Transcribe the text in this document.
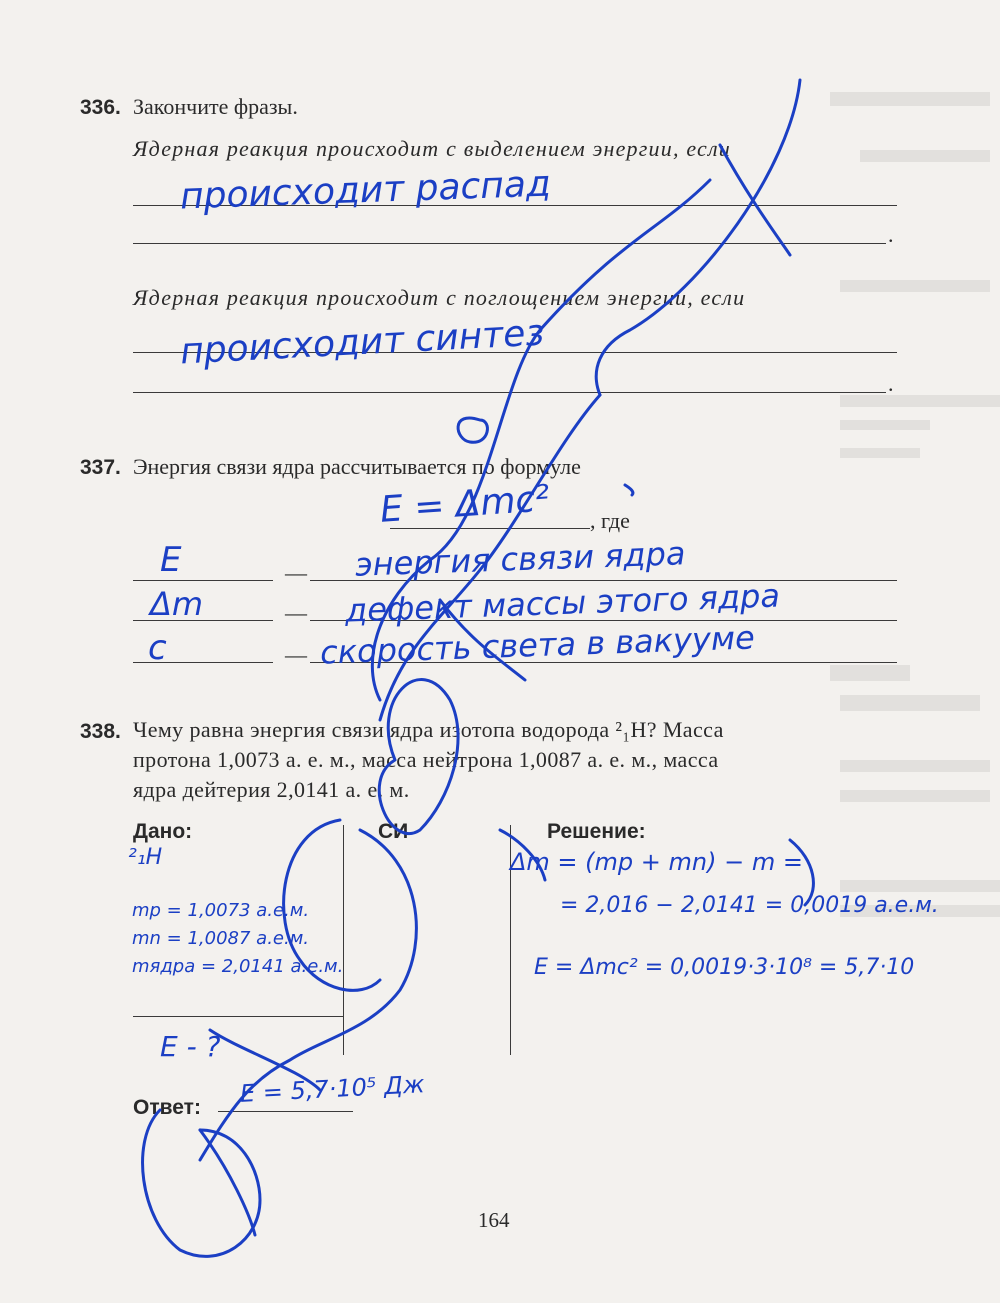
336. Закончите фразы.
Ядерная реакция происходит с выделением энергии, если
.
Ядерная реакция происходит с поглощением энергии, если
.
происходит распад
происходит синтез
337. Энергия связи ядра рассчитывается по формуле
, где
E = Δmc²
—
—
—
E	энергия связи ядра
Δm	дефект массы этого ядра
c	скорость света в вакууме
338. Чему равна энергия связи ядра изотопа водорода ²₁H? Масса
протона 1,0073 а. е. м., масса нейтрона 1,0087 а. е. м., масса
ядра дейтерия 2,0141 а. е. м.
Дано:	СИ	Решение:
²₁H
mp = 1,0073 а.е.м.
mn = 1,0087 а.е.м.
mядра = 2,0141 а.е.м.
E - ?
Δm = (mp + mn) − m =
= 2,016 − 2,0141 = 0,0019 а.е.м.
E = Δmc² = 0,0019·3·10⁸ = 5,7·10
Ответ: E = 5,7·10⁵ Дж
164
